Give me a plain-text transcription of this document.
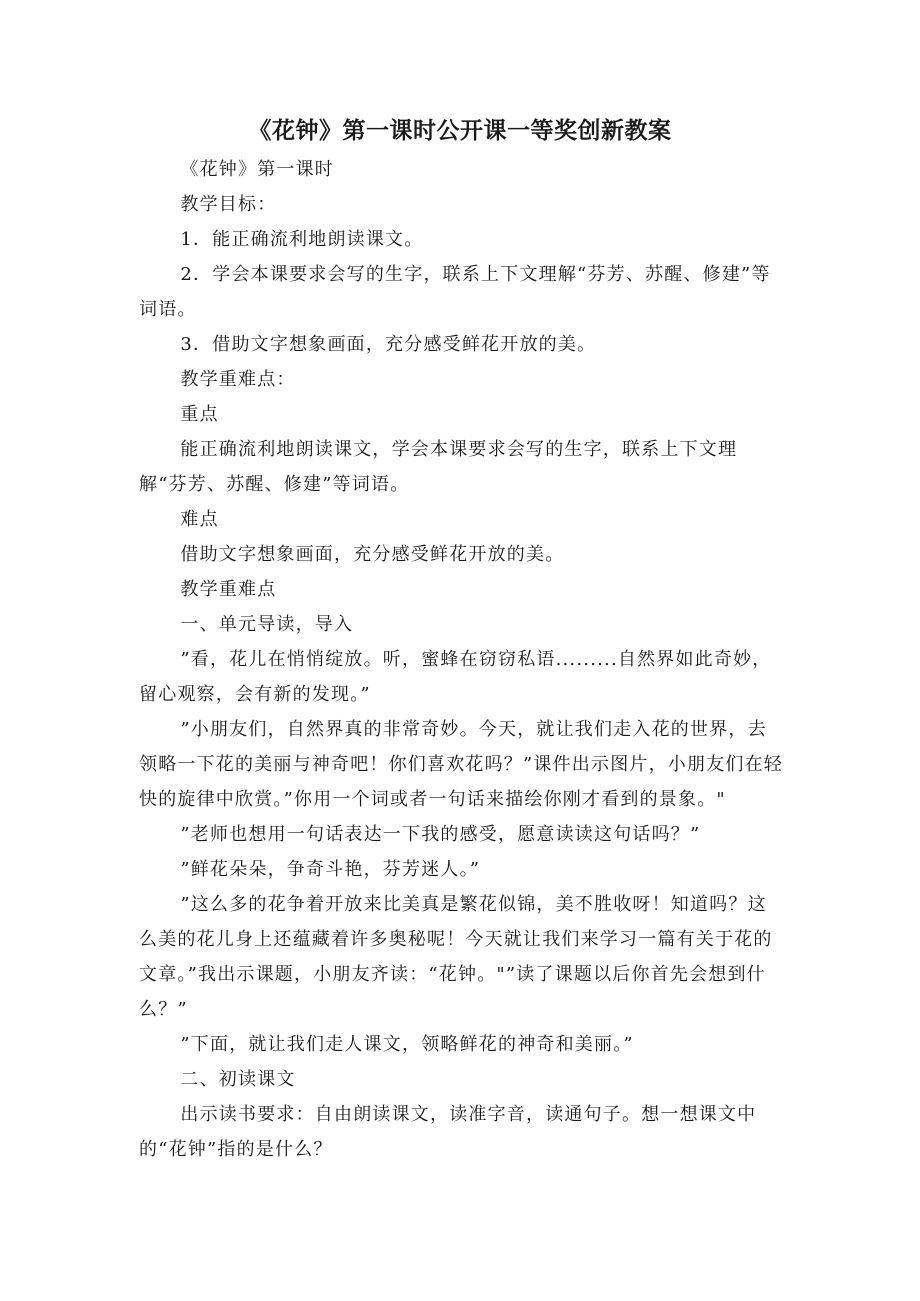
《花钟》第一课时公开课一等奖创新教案

《花钟》第一课时

教学目标：

1．能正确流利地朗读课文。

2．学会本课要求会写的生字，联系上下文理解“芬芳、苏醒、修建”等词语。

3．借助文字想象画面，充分感受鲜花开放的美。

教学重难点：

重点

能正确流利地朗读课文，学会本课要求会写的生字，联系上下文理解“芬芳、苏醒、修建”等词语。

难点

借助文字想象画面，充分感受鲜花开放的美。

教学重难点

一、单元导读，导入

”看，花儿在悄悄绽放。听，蜜蜂在窃窃私语.........自然界如此奇妙，留心观察，会有新的发现。”

”小朋友们，自然界真的非常奇妙。今天，就让我们走入花的世界，去领略一下花的美丽与神奇吧！你们喜欢花吗？”课件出示图片，小朋友们在轻快的旋律中欣赏。”你用一个词或者一句话来描绘你刚才看到的景象。"

”老师也想用一句话表达一下我的感受，愿意读读这句话吗？”

”鲜花朵朵，争奇斗艳，芬芳迷人。”

”这么多的花争着开放来比美真是繁花似锦，美不胜收呀！知道吗？这么美的花儿身上还蕴藏着许多奥秘呢！今天就让我们来学习一篇有关于花的文章。”我出示课题，小朋友齐读：“花钟。"”读了课题以后你首先会想到什么？”

”下面，就让我们走人课文，领略鲜花的神奇和美丽。”

二、初读课文

出示读书要求：自由朗读课文，读准字音，读通句子。想一想课文中的“花钟”指的是什么？
